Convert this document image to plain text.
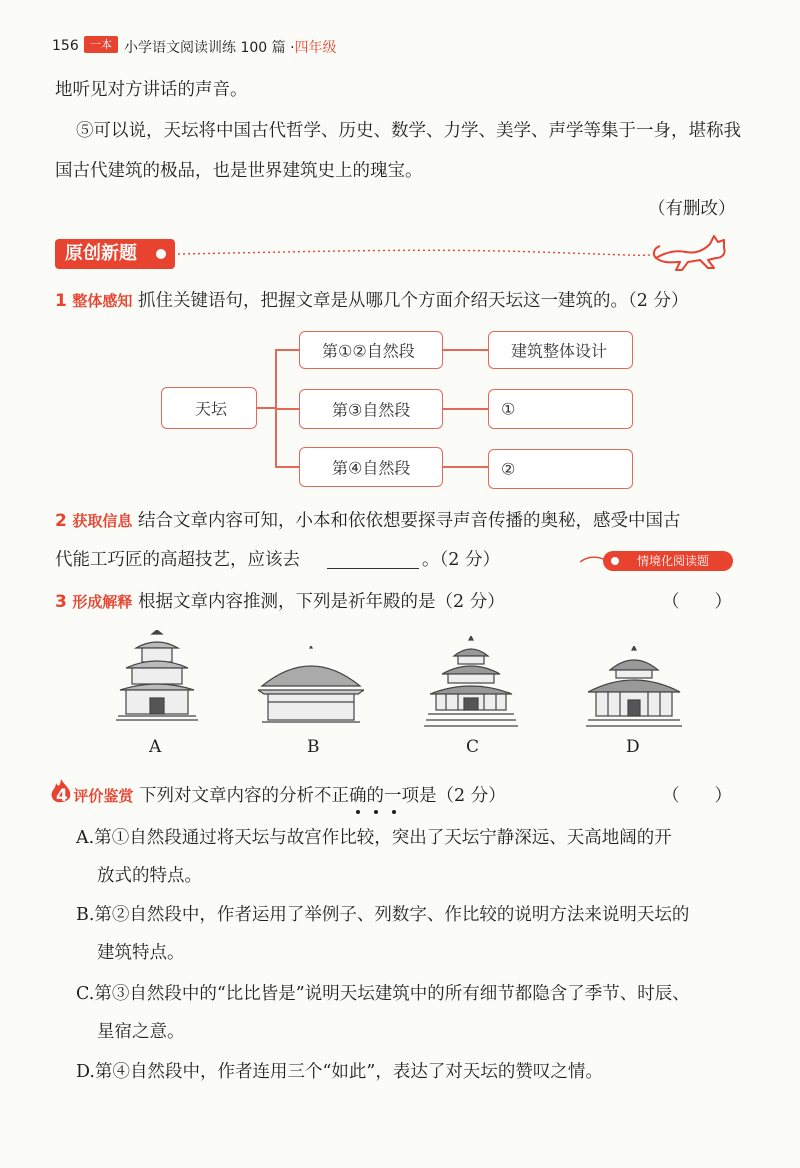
156	一本 小学语文阅读训练 100 篇 ·四年级
地听见对方讲话的声音。
⑤可以说，天坛将中国古代哲学、历史、数学、力学、美学、声学等集于一身，堪称我
国古代建筑的极品，也是世界建筑史上的瑰宝。
（有删改）
原创新题
1 整体感知 抓住关键语句，把握文章是从哪几个方面介绍天坛这一建筑的。（2 分）
天坛
第①②自然段
第③自然段
第④自然段
建筑整体设计
①
②
2 获取信息 结合文章内容可知，小本和依依想要探寻声音传播的奥秘，感受中国古
代能工巧匠的高超技艺，应该去	。（2 分）	情境化阅读题
3 形成解释 根据文章内容推测，下列是祈年殿的是（2 分）	（　　）
A	B	C	D
4 评价鉴赏 下列对文章内容的分析不正确的一项是（2 分）	（　　）
A.第①自然段通过将天坛与故宫作比较，突出了天坛宁静深远、天高地阔的开
放式的特点。
B.第②自然段中，作者运用了举例子、列数字、作比较的说明方法来说明天坛的
建筑特点。
C.第③自然段中的“比比皆是”说明天坛建筑中的所有细节都隐含了季节、时辰、
星宿之意。
D.第④自然段中，作者连用三个“如此”，表达了对天坛的赞叹之情。
